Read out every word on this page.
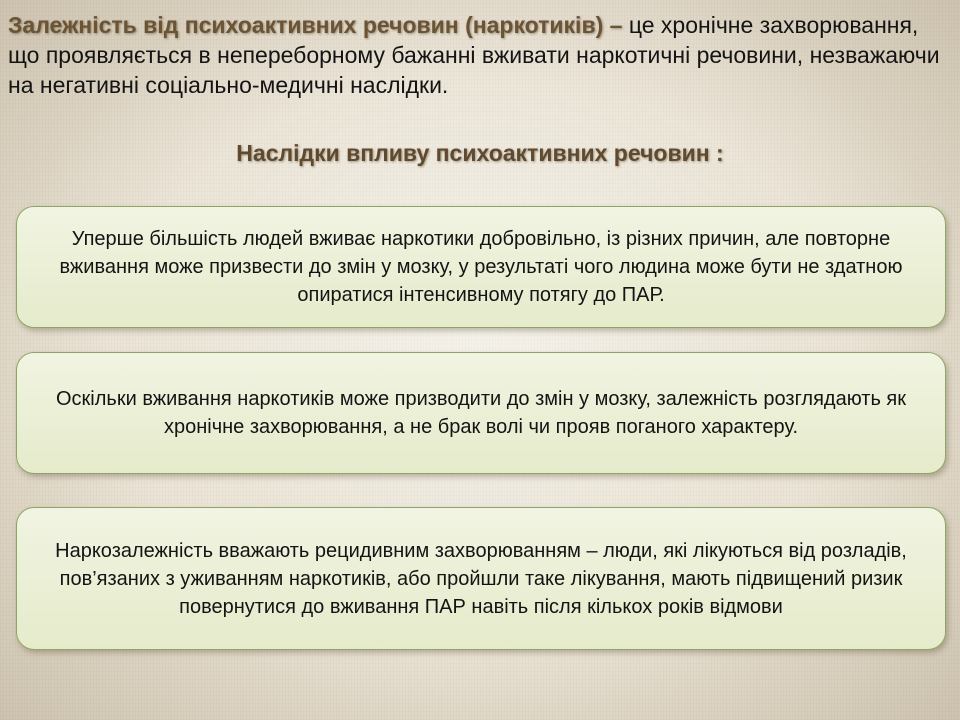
Залежність від психоактивних речовин (наркотиків) – це хронічне захворювання, що проявляється в непереборному бажанні вживати наркотичні речовини, незважаючи на негативні соціально-медичні наслідки.

Наслідки впливу психоактивних речовин :
Уперше більшість людей вживає наркотики добровільно, із різних причин, але повторне вживання може призвести до змін у мозку, у результаті чого людина може бути не здатною опиратися інтенсивному потягу до ПАР.
Оскільки вживання наркотиків може призводити до змін у мозку, залежність розглядають як хронічне захворювання, а не брак волі чи прояв поганого характеру.
Наркозалежність вважають рецидивним захворюванням – люди, які лікуються від розладів, пов’язаних з уживанням наркотиків, або пройшли таке лікування, мають підвищений ризик повернутися до вживання ПАР навіть після кількох років відмови
